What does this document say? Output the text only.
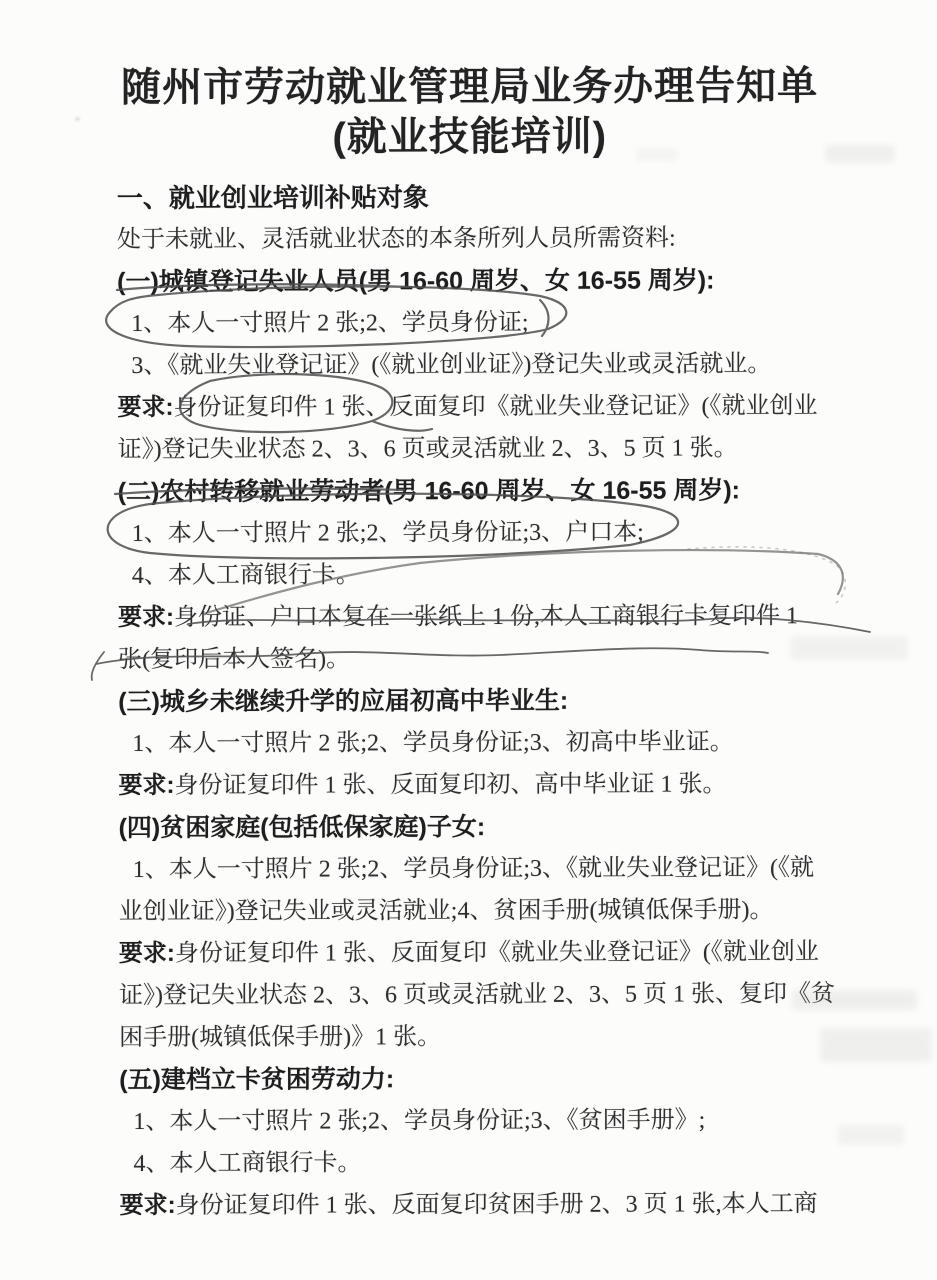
随州市劳动就业管理局业务办理告知单
(就业技能培训)
一、就业创业培训补贴对象
处于未就业、灵活就业状态的本条所列人员所需资料:
(一)城镇登记失业人员(男 16-60 周岁、女 16-55 周岁):
1、本人一寸照片 2 张;2、学员身份证;
3、《就业失业登记证》(《就业创业证》)登记失业或灵活就业。
要求:身份证复印件 1 张、反面复印《就业失业登记证》(《就业创业
证》)登记失业状态 2、3、6 页或灵活就业 2、3、5 页 1 张。
(二)农村转移就业劳动者(男 16-60 周岁、女 16-55 周岁):
1、本人一寸照片 2 张;2、学员身份证;3、户口本;
4、本人工商银行卡。
要求:身份证、户口本复在一张纸上 1 份,本人工商银行卡复印件 1
张(复印后本人签名)。
(三)城乡未继续升学的应届初高中毕业生:
1、本人一寸照片 2 张;2、学员身份证;3、初高中毕业证。
要求:身份证复印件 1 张、反面复印初、高中毕业证 1 张。
(四)贫困家庭(包括低保家庭)子女:
1、本人一寸照片 2 张;2、学员身份证;3、《就业失业登记证》(《就
业创业证》)登记失业或灵活就业;4、贫困手册(城镇低保手册)。
要求:身份证复印件 1 张、反面复印《就业失业登记证》(《就业创业
证》)登记失业状态 2、3、6 页或灵活就业 2、3、5 页 1 张、复印《贫
困手册(城镇低保手册)》1 张。
(五)建档立卡贫困劳动力:
1、本人一寸照片 2 张;2、学员身份证;3、《贫困手册》;
4、本人工商银行卡。
要求:身份证复印件 1 张、反面复印贫困手册 2、3 页 1 张,本人工商
